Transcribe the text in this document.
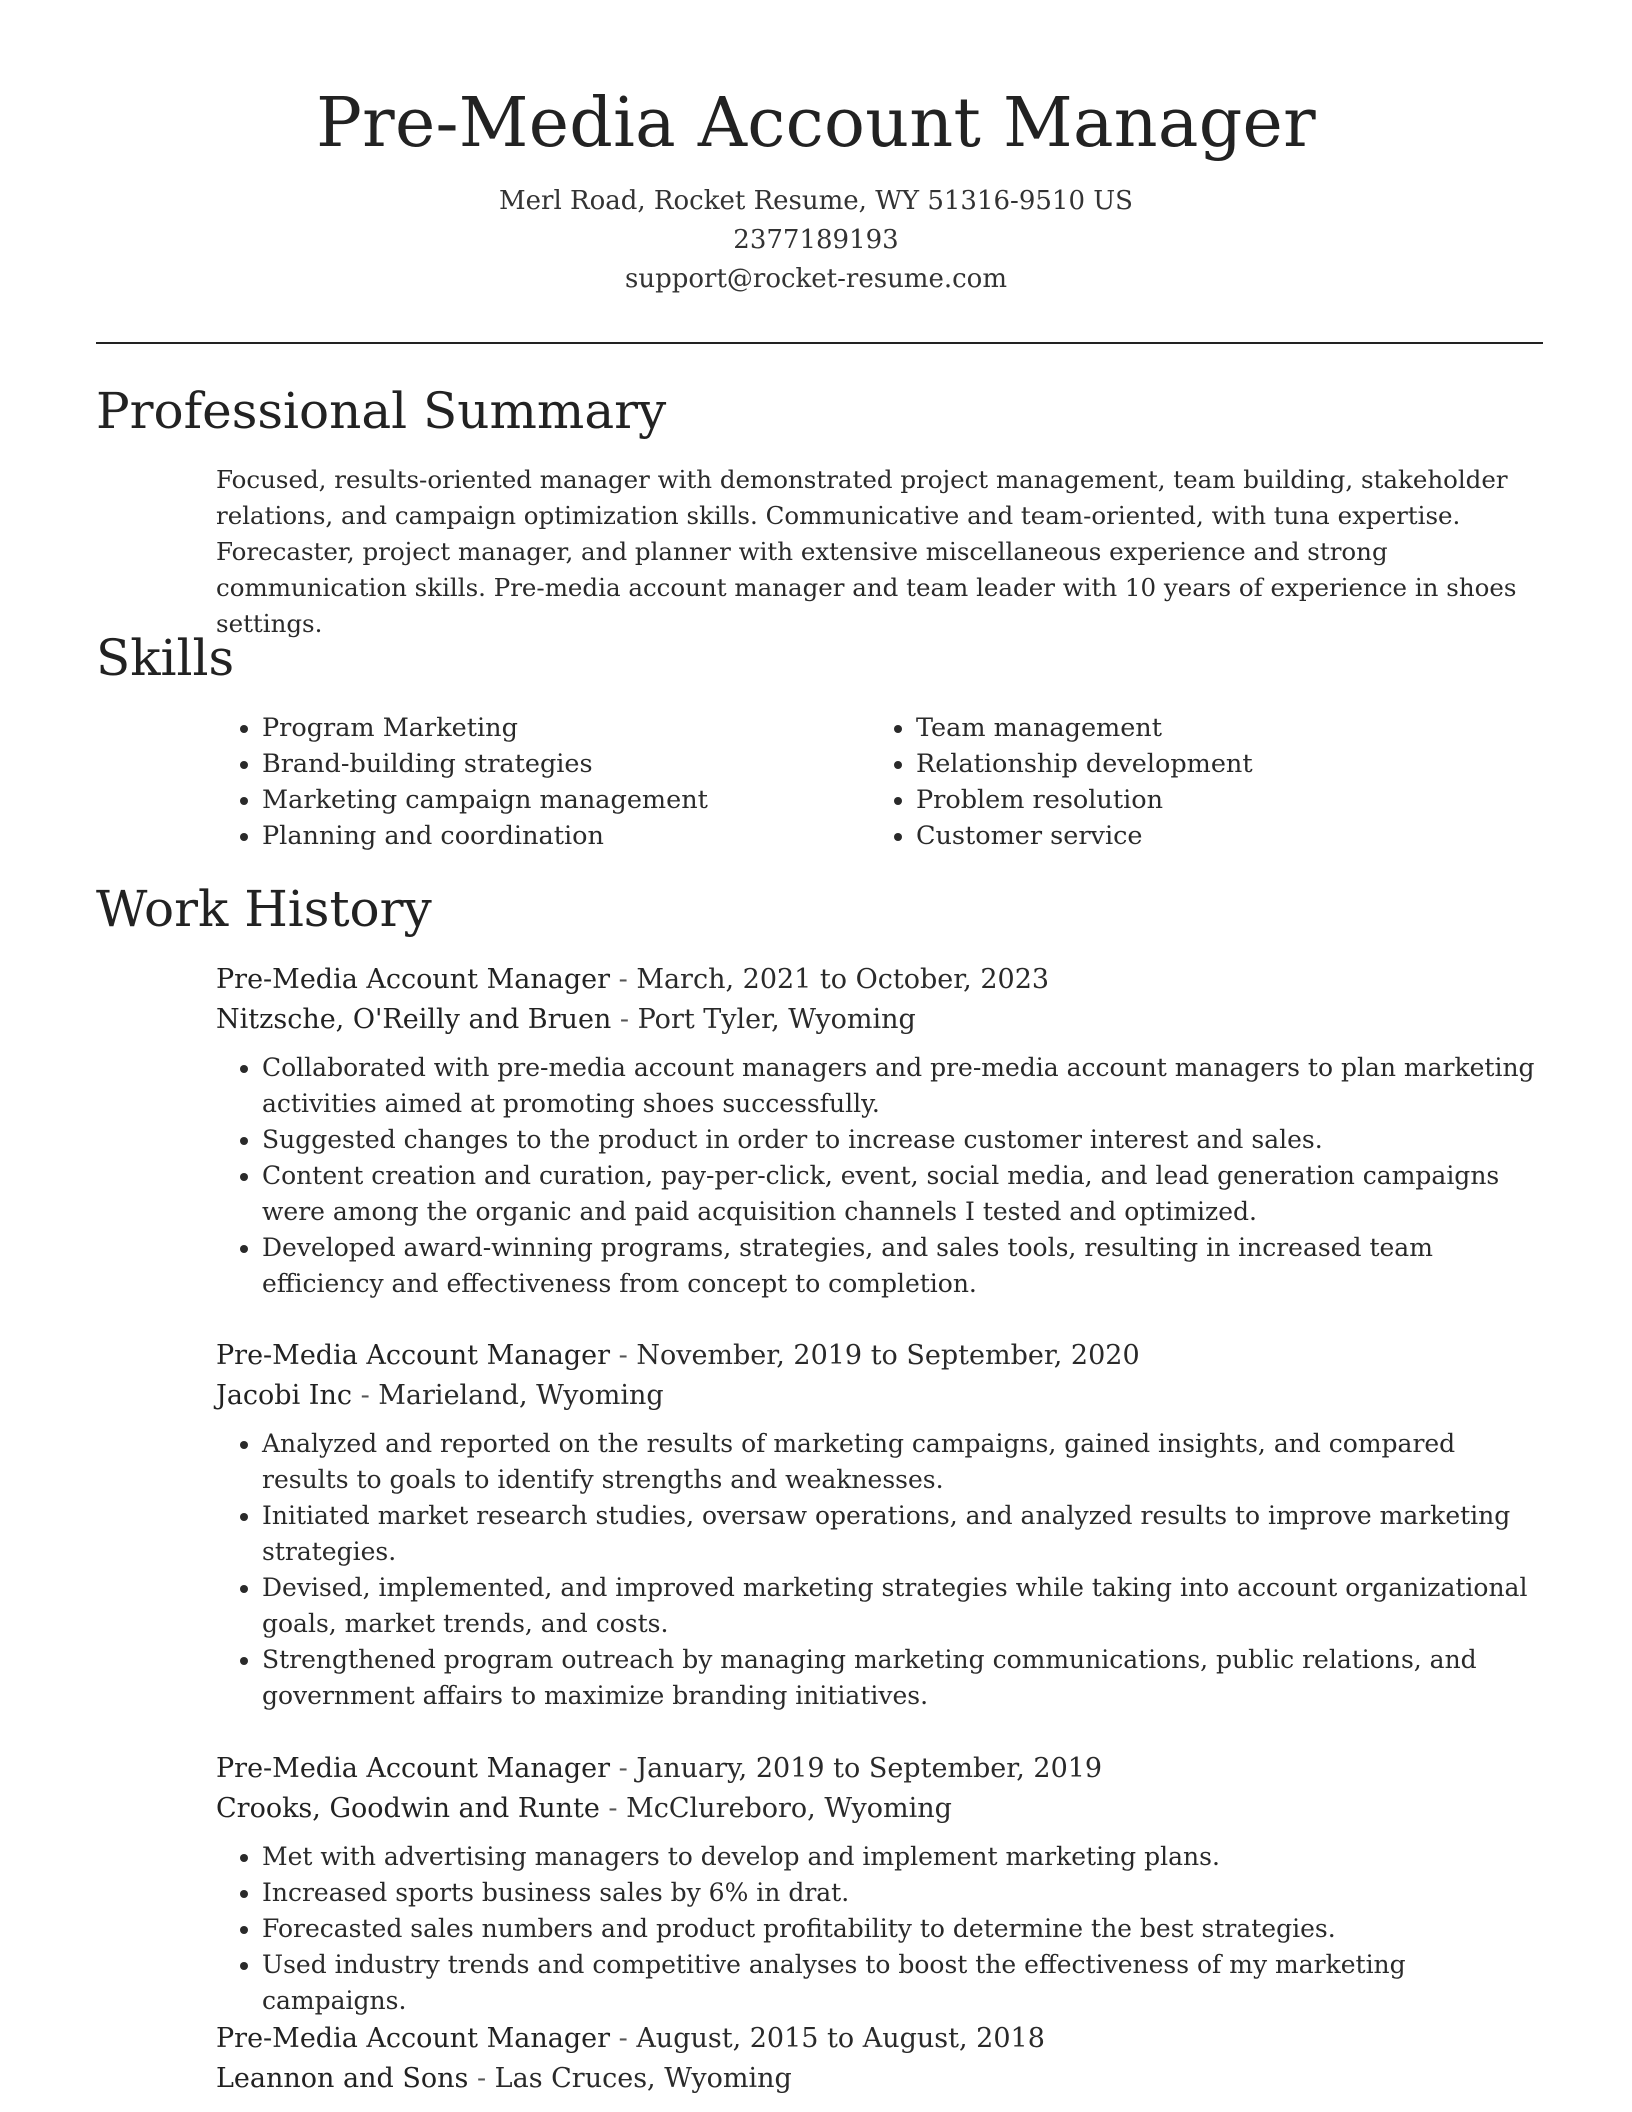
Pre-Media Account Manager
Merl Road, Rocket Resume, WY 51316-9510 US
2377189193
support@rocket-resume.com
Professional Summary

Focused, results-oriented manager with demonstrated project management, team building, stakeholder relations, and campaign optimization skills. Communicative and team-oriented, with tuna expertise. Forecaster, project manager, and planner with extensive miscellaneous experience and strong communication skills. Pre-media account manager and team leader with 10 years of experience in shoes settings.

Skills
• Program Marketing
• Brand-building strategies
• Marketing campaign management
• Planning and coordination
• Team management
• Relationship development
• Problem resolution
• Customer service
Work History
Pre-Media Account Manager - March, 2021 to October, 2023
Nitzsche, O'Reilly and Bruen - Port Tyler, Wyoming
• Collaborated with pre-media account managers and pre-media account managers to plan marketing activities aimed at promoting shoes successfully.
• Suggested changes to the product in order to increase customer interest and sales.
• Content creation and curation, pay-per-click, event, social media, and lead generation campaigns were among the organic and paid acquisition channels I tested and optimized.
• Developed award-winning programs, strategies, and sales tools, resulting in increased team efficiency and effectiveness from concept to completion.
Pre-Media Account Manager - November, 2019 to September, 2020
Jacobi Inc - Marieland, Wyoming
• Analyzed and reported on the results of marketing campaigns, gained insights, and compared results to goals to identify strengths and weaknesses.
• Initiated market research studies, oversaw operations, and analyzed results to improve marketing strategies.
• Devised, implemented, and improved marketing strategies while taking into account organizational goals, market trends, and costs.
• Strengthened program outreach by managing marketing communications, public relations, and government affairs to maximize branding initiatives.
Pre-Media Account Manager - January, 2019 to September, 2019
Crooks, Goodwin and Runte - McClureboro, Wyoming
• Met with advertising managers to develop and implement marketing plans.
• Increased sports business sales by 6% in drat.
• Forecasted sales numbers and product profitability to determine the best strategies.
• Used industry trends and competitive analyses to boost the effectiveness of my marketing campaigns.
Pre-Media Account Manager - August, 2015 to August, 2018
Leannon and Sons - Las Cruces, Wyoming
